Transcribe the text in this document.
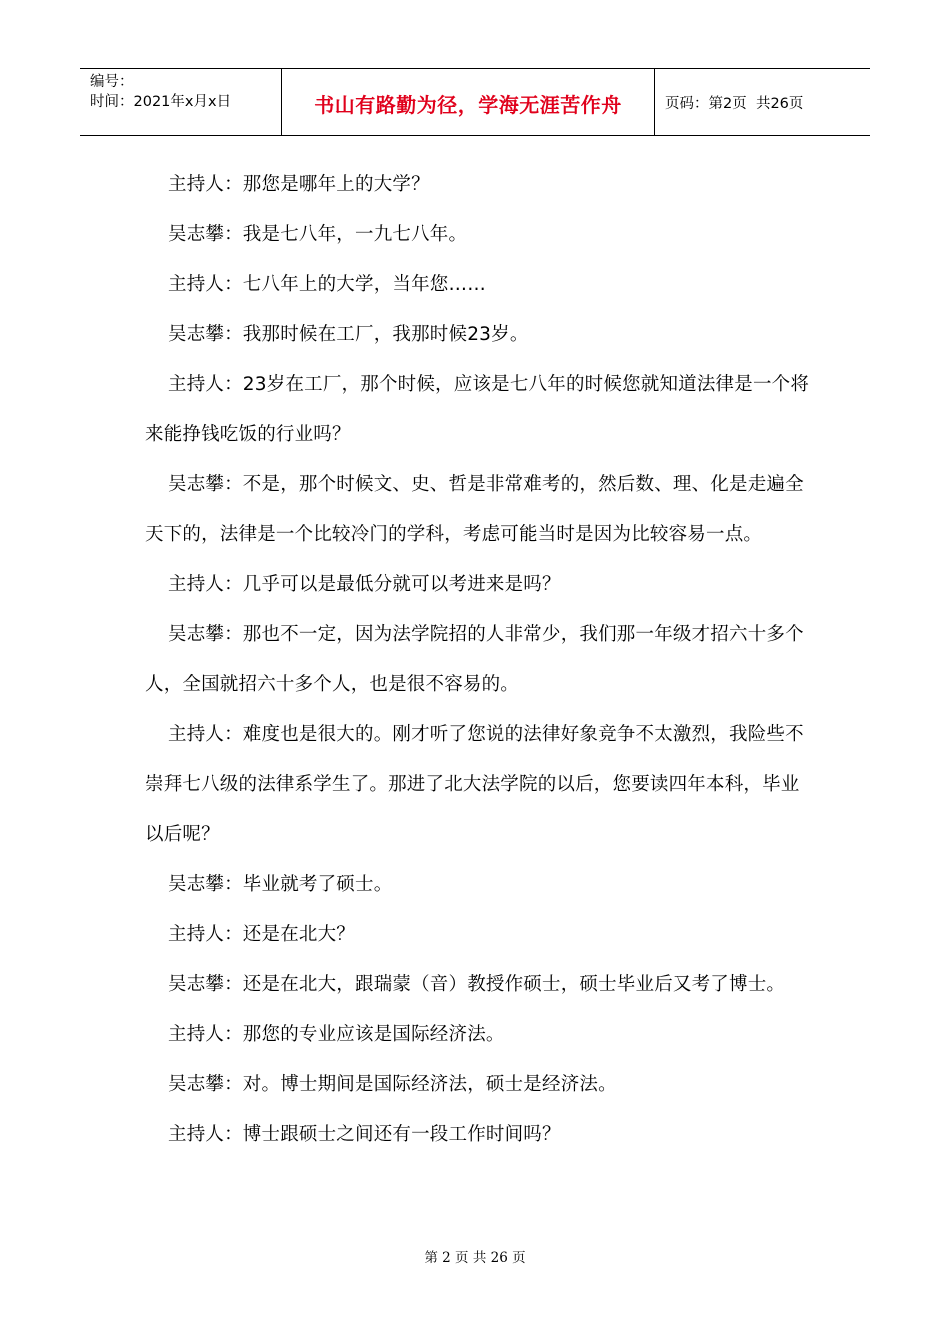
编号：
时间：2021年x月x日	书山有路勤为径，学海无涯苦作舟	页码：第2页  共26页

主持人：那您是哪年上的大学？

吴志攀：我是七八年，一九七八年。

主持人：七八年上的大学，当年您……

吴志攀：我那时候在工厂，我那时候23岁。

主持人：23岁在工厂，那个时候，应该是七八年的时候您就知道法律是一个将来能挣钱吃饭的行业吗？

吴志攀：不是，那个时候文、史、哲是非常难考的，然后数、理、化是走遍全天下的，法律是一个比较冷门的学科，考虑可能当时是因为比较容易一点。

主持人：几乎可以是最低分就可以考进来是吗？

吴志攀：那也不一定，因为法学院招的人非常少，我们那一年级才招六十多个人，全国就招六十多个人，也是很不容易的。

主持人：难度也是很大的。刚才听了您说的法律好象竞争不太激烈，我险些不崇拜七八级的法律系学生了。那进了北大法学院的以后，您要读四年本科，毕业以后呢？

吴志攀：毕业就考了硕士。

主持人：还是在北大？

吴志攀：还是在北大，跟瑞蒙（音）教授作硕士，硕士毕业后又考了博士。

主持人：那您的专业应该是国际经济法。

吴志攀：对。博士期间是国际经济法，硕士是经济法。

主持人：博士跟硕士之间还有一段工作时间吗？

第 2 页 共 26 页
